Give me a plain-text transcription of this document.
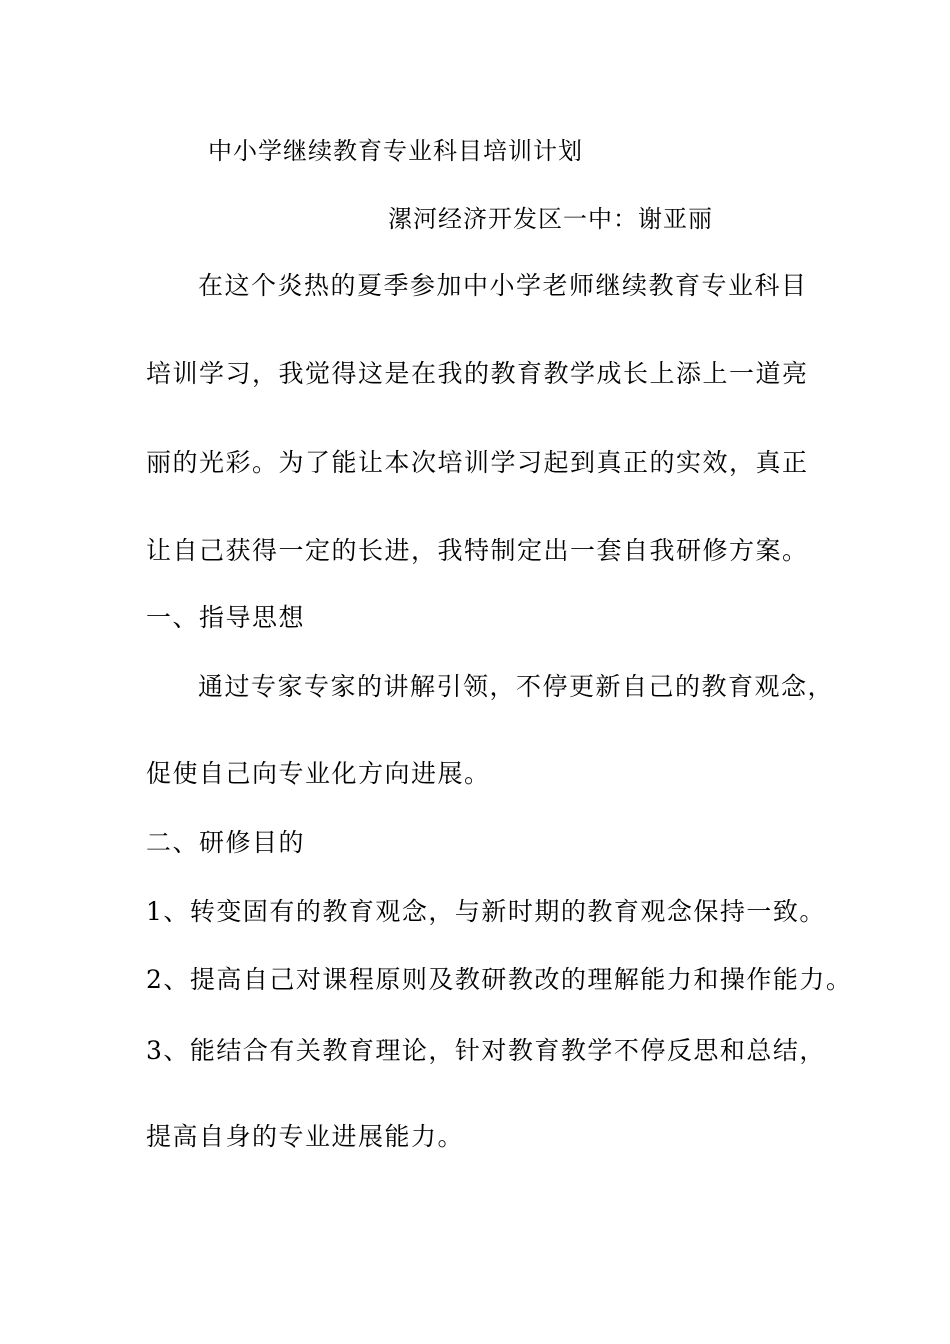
中小学继续教育专业科目培训计划
漯河经济开发区一中：谢亚丽
在这个炎热的夏季参加中小学老师继续教育专业科目
培训学习，我觉得这是在我的教育教学成长上添上一道亮
丽的光彩。为了能让本次培训学习起到真正的实效，真正
让自己获得一定的长进，我特制定出一套自我研修方案。
一、指导思想
通过专家专家的讲解引领，不停更新自己的教育观念，
促使自己向专业化方向进展。
二、研修目的
1、转变固有的教育观念，与新时期的教育观念保持一致。
2、提高自己对课程原则及教研教改的理解能力和操作能力。
3、能结合有关教育理论，针对教育教学不停反思和总结，
提高自身的专业进展能力。
